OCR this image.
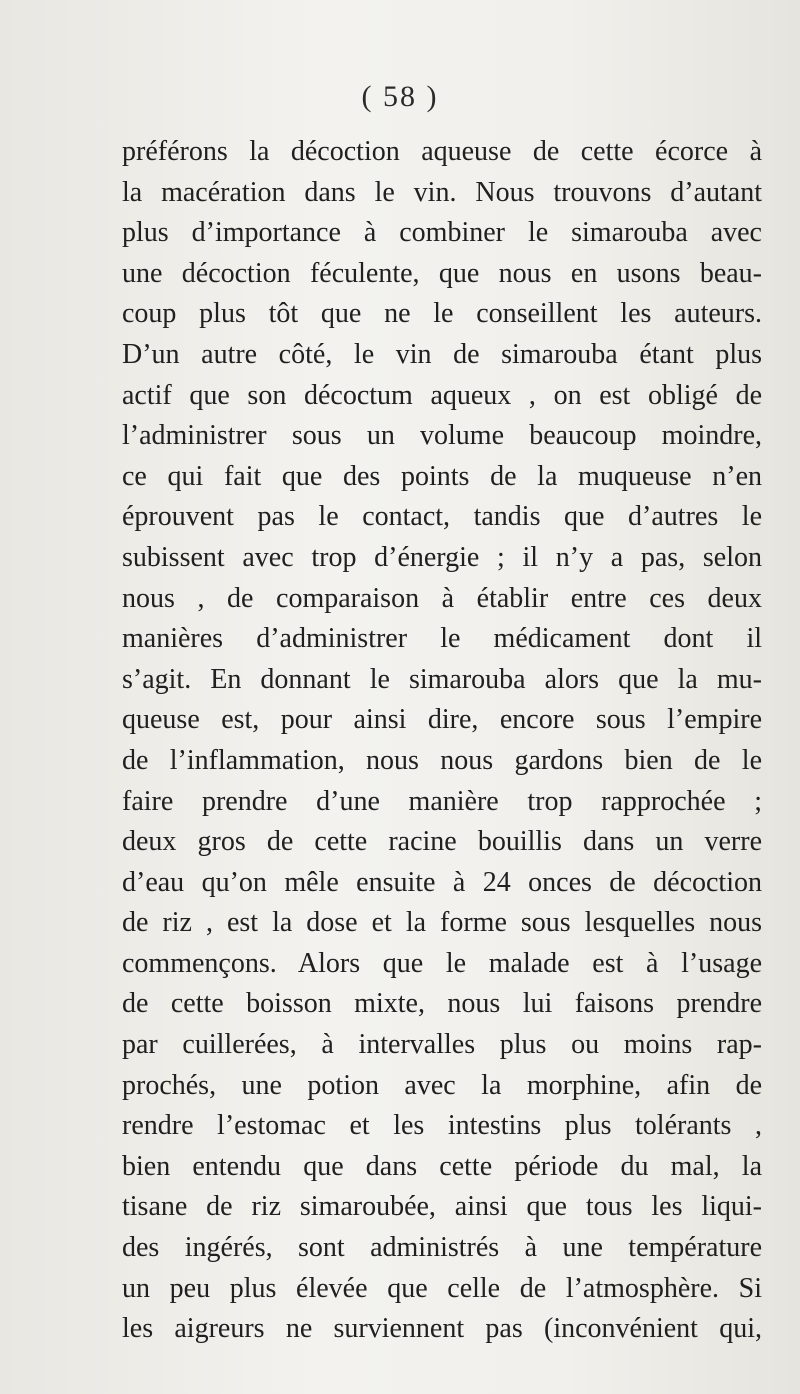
( 58 )
préférons la décoction aqueuse de cette écorce à
la macération dans le vin. Nous trouvons d’autant
plus d’importance à combiner le simarouba avec
une décoction féculente, que nous en usons beau-
coup plus tôt que ne le conseillent les auteurs.
D’un autre côté, le vin de simarouba étant plus
actif que son décoctum aqueux , on est obligé de
l’administrer sous un volume beaucoup moindre,
ce qui fait que des points de la muqueuse n’en
éprouvent pas le contact, tandis que d’autres le
subissent avec trop d’énergie ; il n’y a pas, selon
nous , de comparaison à établir entre ces deux
manières d’administrer le médicament dont il
s’agit. En donnant le simarouba alors que la mu-
queuse est, pour ainsi dire, encore sous l’empire
de l’inflammation, nous nous gardons bien de le
faire prendre d’une manière trop rapprochée ;
deux gros de cette racine bouillis dans un verre
d’eau qu’on mêle ensuite à 24 onces de décoction
de riz , est la dose et la forme sous lesquelles nous
commençons. Alors que le malade est à l’usage
de cette boisson mixte, nous lui faisons prendre
par cuillerées, à intervalles plus ou moins rap-
prochés, une potion avec la morphine, afin de
rendre l’estomac et les intestins plus tolérants ,
bien entendu que dans cette période du mal, la
tisane de riz simaroubée, ainsi que tous les liqui-
des ingérés, sont administrés à une température
un peu plus élevée que celle de l’atmosphère. Si
les aigreurs ne surviennent pas (inconvénient qui,
